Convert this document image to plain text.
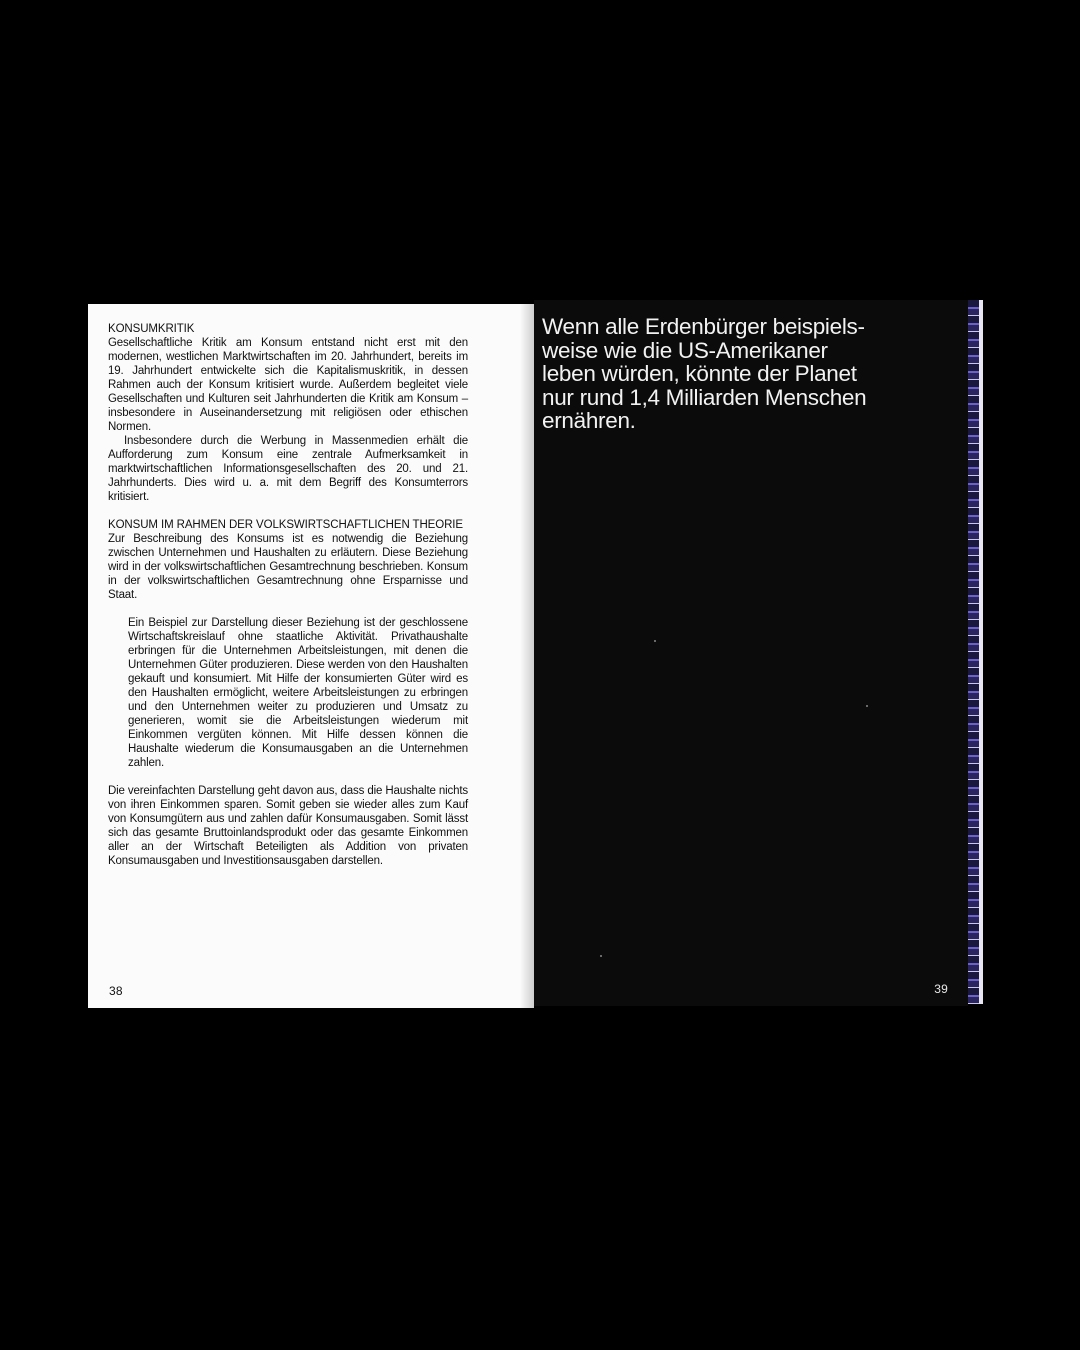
KONSUMKRITIK

Gesellschaftliche Kritik am Konsum entstand nicht erst mit den modernen, westlichen Marktwirtschaften im 20. Jahrhundert, bereits im 19. Jahrhundert entwickelte sich die Kapitalismuskritik, in dessen Rahmen auch der Konsum kritisiert wurde. Außerdem begleitet viele Gesellschaften und Kulturen seit Jahrhunderten die Kritik am Konsum – insbesondere in Auseinandersetzung mit religiösen oder ethischen Normen.

Insbesondere durch die Werbung in Massenmedien erhält die Aufforderung zum Konsum eine zentrale Aufmerksamkeit in marktwirtschaftlichen Informationsgesellschaften des 20. und 21. Jahrhunderts. Dies wird u. a. mit dem Begriff des Konsumterrors kritisiert.

KONSUM IM RAHMEN DER VOLKSWIRTSCHAFTLICHEN THEORIE

Zur Beschreibung des Konsums ist es notwendig die Beziehung zwischen Unternehmen und Haushalten zu erläutern. Diese Beziehung wird in der volkswirtschaftlichen Gesamtrechnung beschrieben. Konsum in der volkswirtschaftlichen Gesamtrechnung ohne Ersparnisse und Staat.

Ein Beispiel zur Darstellung dieser Beziehung ist der geschlossene Wirtschaftskreislauf ohne staatliche Aktivität. Privathaushalte erbringen für die Unternehmen Arbeitsleistungen, mit denen die Unternehmen Güter produzieren. Diese werden von den Haushalten gekauft und konsumiert. Mit Hilfe der konsumierten Güter wird es den Haushalten ermöglicht, weitere Arbeitsleistungen zu erbringen und den Unternehmen weiter zu produzieren und Umsatz zu generieren, womit sie die Arbeitsleistungen wiederum mit Einkommen vergüten können. Mit Hilfe dessen können die Haushalte wiederum die Konsumausgaben an die Unternehmen zahlen.

Die vereinfachten Darstellung geht davon aus, dass die Haushalte nichts von ihren Einkommen sparen. Somit geben sie wieder alles zum Kauf von Konsumgütern aus und zahlen dafür Konsumausgaben. Somit lässt sich das gesamte Bruttoinlandsprodukt oder das gesamte Einkommen aller an der Wirtschaft Beteiligten als Addition von privaten Konsumausgaben und Investitionsausgaben darstellen.

38

Wenn alle Erdenbürger beispiels-
weise wie die US-Amerikaner
leben würden, könnte der Planet
nur rund 1,4 Milliarden Menschen
ernähren.

39
